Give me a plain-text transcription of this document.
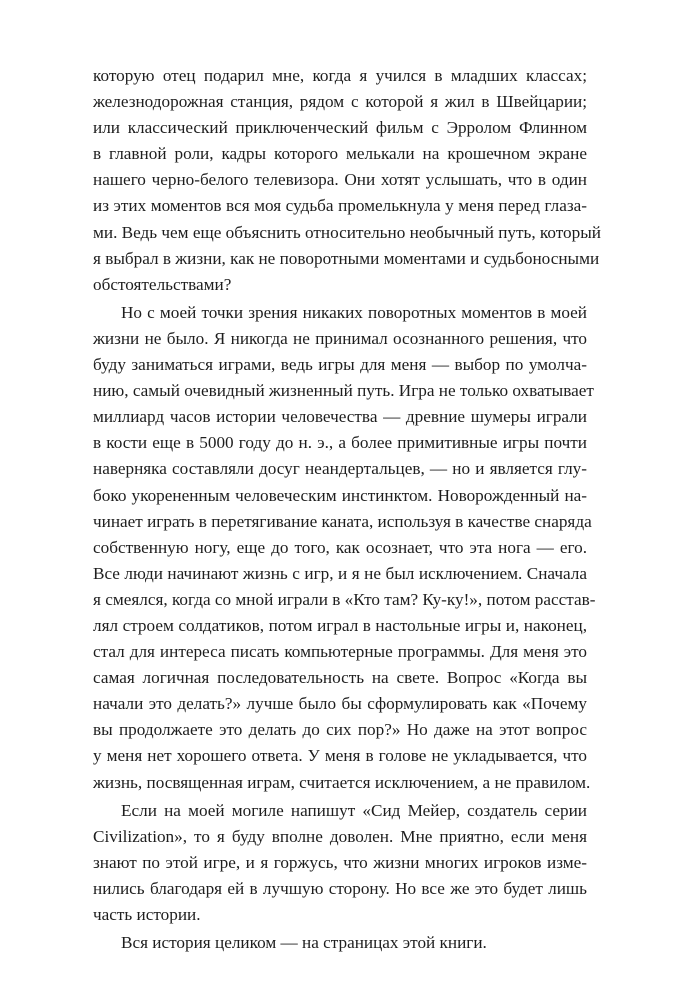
которую отец подарил мне, когда я учился в младших классах;
железнодорожная станция, рядом с которой я жил в Швейцарии;
или классический приключенческий фильм с Эрролом Флинном
в главной роли, кадры которого мелькали на крошечном экране
нашего черно-белого телевизора. Они хотят услышать, что в один
из этих моментов вся моя судьба промелькнула у меня перед глаза-
ми. Ведь чем еще объяснить относительно необычный путь, который
я выбрал в жизни, как не поворотными моментами и судьбоносными
обстоятельствами?
Но с моей точки зрения никаких поворотных моментов в моей
жизни не было. Я никогда не принимал осознанного решения, что
буду заниматься играми, ведь игры для меня — выбор по умолча-
нию, самый очевидный жизненный путь. Игра не только охватывает
миллиард часов истории человечества — древние шумеры играли
в кости еще в 5000 году до н. э., а более примитивные игры почти
наверняка составляли досуг неандертальцев, — но и является глу-
боко укорененным человеческим инстинктом. Новорожденный на-
чинает играть в перетягивание каната, используя в качестве снаряда
собственную ногу, еще до того, как осознает, что эта нога — его.
Все люди начинают жизнь с игр, и я не был исключением. Сначала
я смеялся, когда со мной играли в «Кто там? Ку-ку!», потом расстав-
лял строем солдатиков, потом играл в настольные игры и, наконец,
стал для интереса писать компьютерные программы. Для меня это
самая логичная последовательность на свете. Вопрос «Когда вы
начали это делать?» лучше было бы сформулировать как «Почему
вы продолжаете это делать до сих пор?» Но даже на этот вопрос
у меня нет хорошего ответа. У меня в голове не укладывается, что
жизнь, посвященная играм, считается исключением, а не правилом.
Если на моей могиле напишут «Сид Мейер, создатель серии
Civilization», то я буду вполне доволен. Мне приятно, если меня
знают по этой игре, и я горжусь, что жизни многих игроков изме-
нились благодаря ей в лучшую сторону. Но все же это будет лишь
часть истории.
Вся история целиком — на страницах этой книги.
